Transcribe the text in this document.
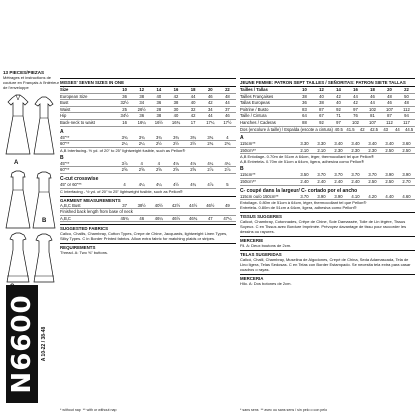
13 PIECES/PIEZAS
Métrages et instructions de couture en Français à l'intérieur de l'enveloppe
A
B
N6600 A 10-22 / 38-48
MISSES' SEVEN SIZES IN ONE
Size	10	12	14	16	18	20	22
European Size	36	38	40	42	44	46	48
Bust	32½	34	36	38	40	42	44
Waist	25	26½	28	30	32	34	37
Hip	34½	36	38	40	42	44	46
Back-neck to waist	16	16¼	16½	16¾	17	17¼	17½
A
45"**	3¾	3¾	3¾	3¾	3¾	3¾	4
60"**	2¼	2¼	2½	2½	2½	2¾	2¾
A,B Interfacing- ½ yd. of 20" to 25" lightweight fusible, such as Pellon®
B
45"**	3⅞	4	4	4⅛	4⅛	4¼	4¼
60"**	2⅝	2⅝	2⅝	2⅝	2⅝	2⅞	2⅞
C-cut crosswise
45" or 60"**	4	4¼	4¼	4½	4¾	4⅞	5
C Interfacing - ½ yd. of 20" to 25" lightweight fusible, such as Pellon®
GARMENT MEASUREMENTS
A,B,C Bust	37	38½	40½	42½	44½	46½	49
Finished back length from base of neck
A,B,C	45¾	46	46¼	46½	46¾	47	47¼
SUGGESTED FABRICS
Calico, Challis, Chambray, Cotton Types, Crepe de Chine, Jacquards, lightweight Linen Types, Silky Types. C in Border Printed fabrics. Allow extra fabric for matching plaids or stripes.
REQUIREMENTS
Thread. A: Two ⅝" buttons.
JEUNE FEMME: PATRON SEPT TAILLES / SEÑORITAS: PATRON SIETE TALLAS
Tailles / Tallas	10	12	14	16	18	20	22
Tailles Françaises	38	40	42	44	46	48	50
Tallas Europeas	36	38	40	42	44	46	48
Poitrine / Busto	83	87	92	97	102	107	112
Taille / Cintura	64	67	71	76	81	87	94
Hanches / Caderas	88	92	97	102	107	112	117
Dos (encolure à taille) / Espalda (escote a cintura) 40.5 41.5	42	42.5	43	44	44.5
A
115cm**	3.30	3.30	3.40	3.40	3.40	3.40	3.60
150cm**	2.10	2.10	2.30	2.30	2.30	2.50	2.50
A,B Entoilage- 0.70m de 51cm à 64cm, léger, thermocollant tel que Pellon®
A,B Entretela- 0.70m de 51cm a 64cm, ligera, adhesiva como Pellon®
B
115cm**	3.50	3.70	3.70	3.70	3.70	3.90	3.90
150cm**	2.40	2.40	2.40	2.40	2.50	2.50	2.70
C- coupé dans la largeur/ C- cortado por el ancho
115cm ou/o 150cm**	3.70	3.90	3.90	4.10	4.20	4.40	4.60
Entoilage- 0.80m de 51cm à 64cm, léger, thermocollant tel que Pellon®
Entretela- 0.80m de 51cm a 64cm, ligera, adhesiva como Pellon®
TISSUS SUGGERES
Calicot, Chambray, Cotonnades, Crêpe de Chine, Soie Damassée, Toile de Lin légère, Tissus Soyeux. C en Tissus avec Bordure Imprimée. Prévoyez davantage de tissu pour raccorder les dessins ou rayures.
MERCERIE
Fil. A: Deux boutons de 2cm.
TELAS SUGERIDAS
Calicó, Challi, Chambray, Muselina de Algodones, Crepé de China, Seda Adamascada, Tela de Lino ligera, Telas Sedosas. C en Telas con Border Estampado. Se necesita tela extra para casar cuadros o rayas.
MERCERIA
Hilo. A: Dos botones de 2cm.
* without nap ** with or without nap	* sans sens ** avec ou sans sens / sin pelo o con pelo
